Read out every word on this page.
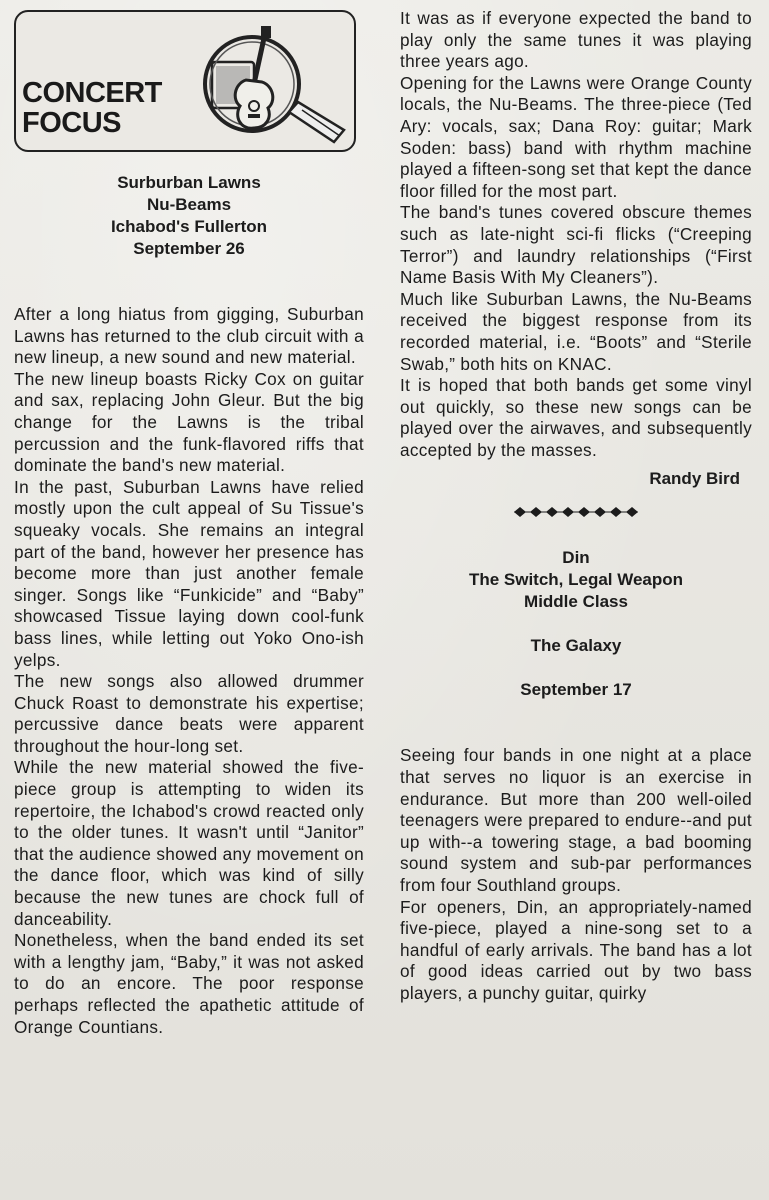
CONCERT
FOCUS
Surburban Lawns
Nu-Beams
Ichabod's Fullerton
September 26

After a long hiatus from gigging, Suburban Lawns has returned to the club circuit with a new lineup, a new sound and new material.

The new lineup boasts Ricky Cox on guitar and sax, replacing John Gleur. But the big change for the Lawns is the tribal percussion and the funk-flavored riffs that dominate the band's new material.

In the past, Suburban Lawns have relied mostly upon the cult appeal of Su Tissue's squeaky vocals. She remains an integral part of the band, however her presence has become more than just another female singer. Songs like “Funkicide” and “Baby” showcased Tissue laying down cool-funk bass lines, while letting out Yoko Ono-ish yelps.

The new songs also allowed drummer Chuck Roast to demonstrate his expertise; percussive dance beats were apparent throughout the hour-long set.

While the new material showed the five-piece group is attempting to widen its repertoire, the Ichabod's crowd reacted only to the older tunes. It wasn't until “Janitor” that the audience showed any movement on the dance floor, which was kind of silly because the new tunes are chock full of danceability.

Nonetheless, when the band ended its set with a lengthy jam, “Baby,” it was not asked to do an encore. The poor response perhaps reflected the apathetic attitude of Orange Countians.

It was as if everyone expected the band to play only the same tunes it was playing three years ago.

Opening for the Lawns were Orange County locals, the Nu-Beams. The three-piece (Ted Ary: vocals, sax; Dana Roy: guitar; Mark Soden: bass) band with rhythm machine played a fifteen-song set that kept the dance floor filled for the most part.

The band's tunes covered obscure themes such as late-night sci-fi flicks (“Creeping Terror”) and laundry relationships (“First Name Basis With My Cleaners”).

Much like Suburban Lawns, the Nu-Beams received the biggest response from its recorded material, i.e. “Boots” and “Sterile Swab,” both hits on KNAC.

It is hoped that both bands get some vinyl out quickly, so these new songs can be played over the airwaves, and subsequently accepted by the masses.

Randy Bird
Din
The Switch, Legal Weapon
Middle Class
The Galaxy
September 17

Seeing four bands in one night at a place that serves no liquor is an exercise in endurance. But more than 200 well-oiled teenagers were prepared to endure--and put up with--a towering stage, a bad booming sound system and sub-par performances from four Southland groups.

For openers, Din, an appropriately-named five-piece, played a nine-song set to a handful of early arrivals. The band has a lot of good ideas carried out by two bass players, a punchy guitar, quirky
